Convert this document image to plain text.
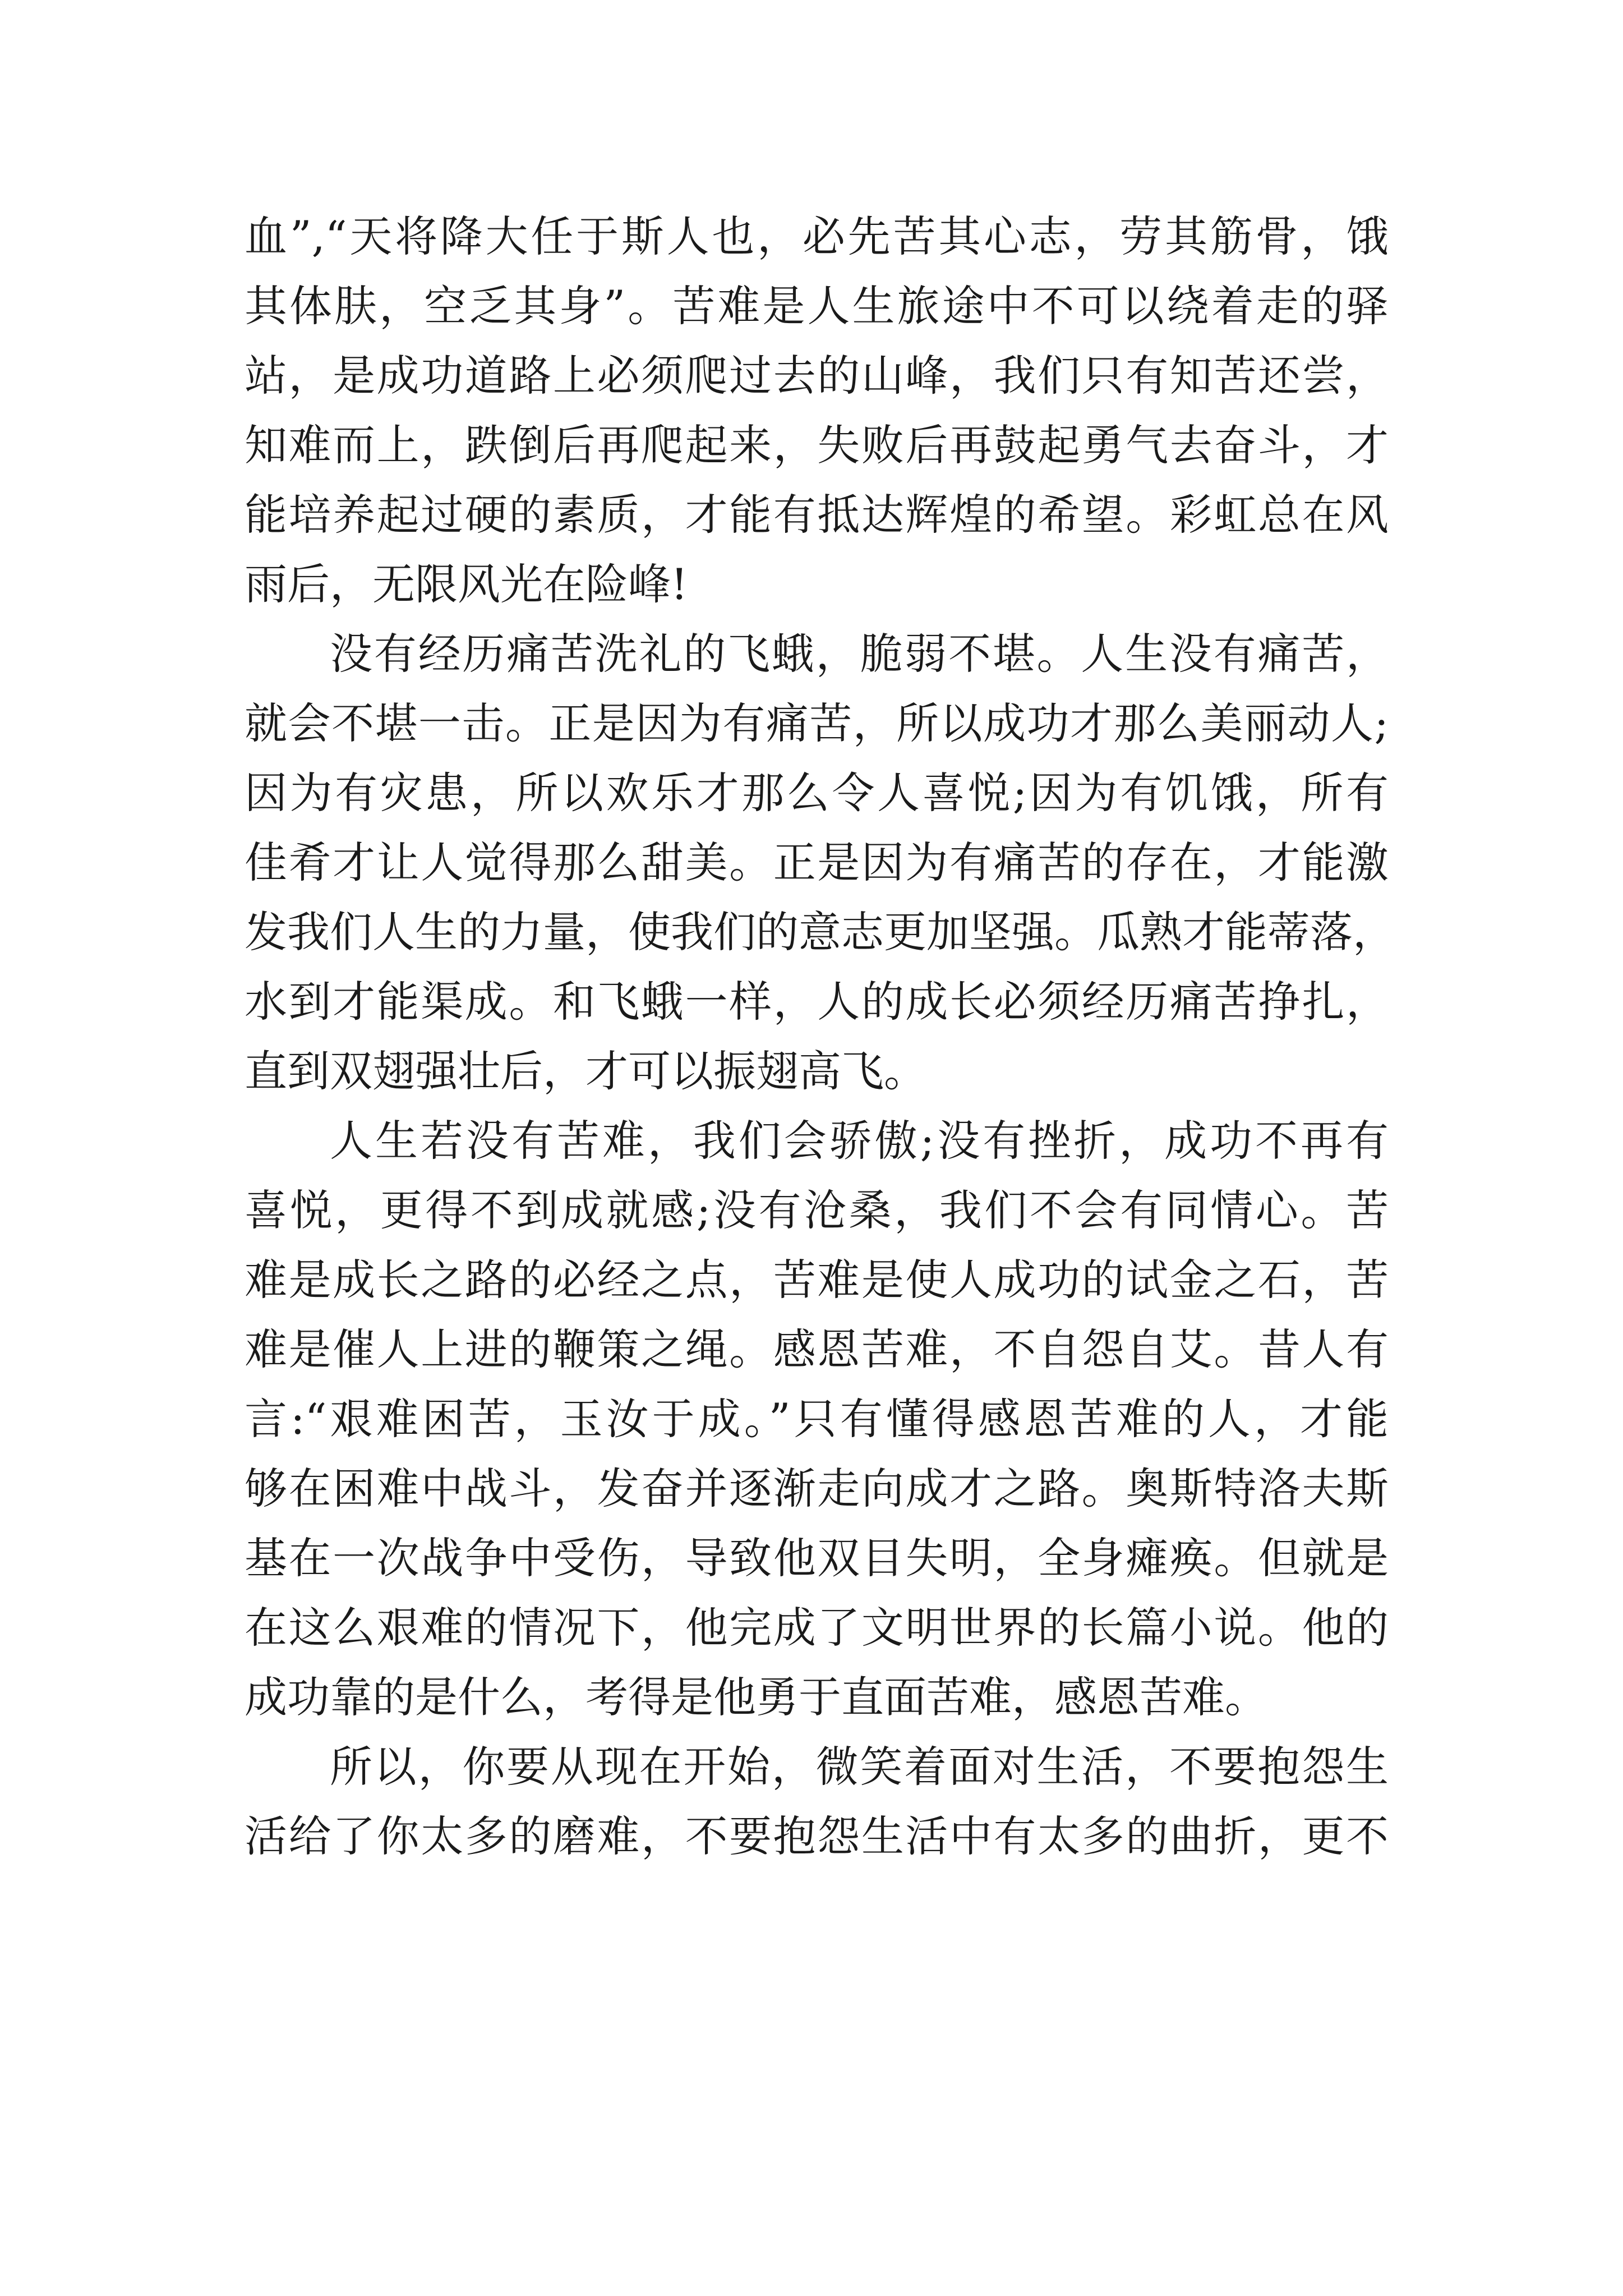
血”,“天将降大任于斯人也，必先苦其心志，劳其筋骨，饿
其体肤，空乏其身”。苦难是人生旅途中不可以绕着走的驿
站，是成功道路上必须爬过去的山峰，我们只有知苦还尝，
知难而上，跌倒后再爬起来，失败后再鼓起勇气去奋斗，才
能培养起过硬的素质，才能有抵达辉煌的希望。彩虹总在风
雨后，无限风光在险峰!
没有经历痛苦洗礼的飞蛾，脆弱不堪。人生没有痛苦，
就会不堪一击。正是因为有痛苦，所以成功才那么美丽动人;
因为有灾患，所以欢乐才那么令人喜悦;因为有饥饿，所有
佳肴才让人觉得那么甜美。正是因为有痛苦的存在，才能激
发我们人生的力量，使我们的意志更加坚强。瓜熟才能蒂落，
水到才能渠成。和飞蛾一样，人的成长必须经历痛苦挣扎，
直到双翅强壮后，才可以振翅高飞。
人生若没有苦难，我们会骄傲;没有挫折，成功不再有
喜悦，更得不到成就感;没有沧桑，我们不会有同情心。苦
难是成长之路的必经之点，苦难是使人成功的试金之石，苦
难是催人上进的鞭策之绳。感恩苦难，不自怨自艾。昔人有
言:“艰难困苦，玉汝于成。”只有懂得感恩苦难的人，才能
够在困难中战斗，发奋并逐渐走向成才之路。奥斯特洛夫斯
基在一次战争中受伤，导致他双目失明，全身瘫痪。但就是
在这么艰难的情况下，他完成了文明世界的长篇小说。他的
成功靠的是什么，考得是他勇于直面苦难，感恩苦难。
所以，你要从现在开始，微笑着面对生活，不要抱怨生
活给了你太多的磨难，不要抱怨生活中有太多的曲折，更不
